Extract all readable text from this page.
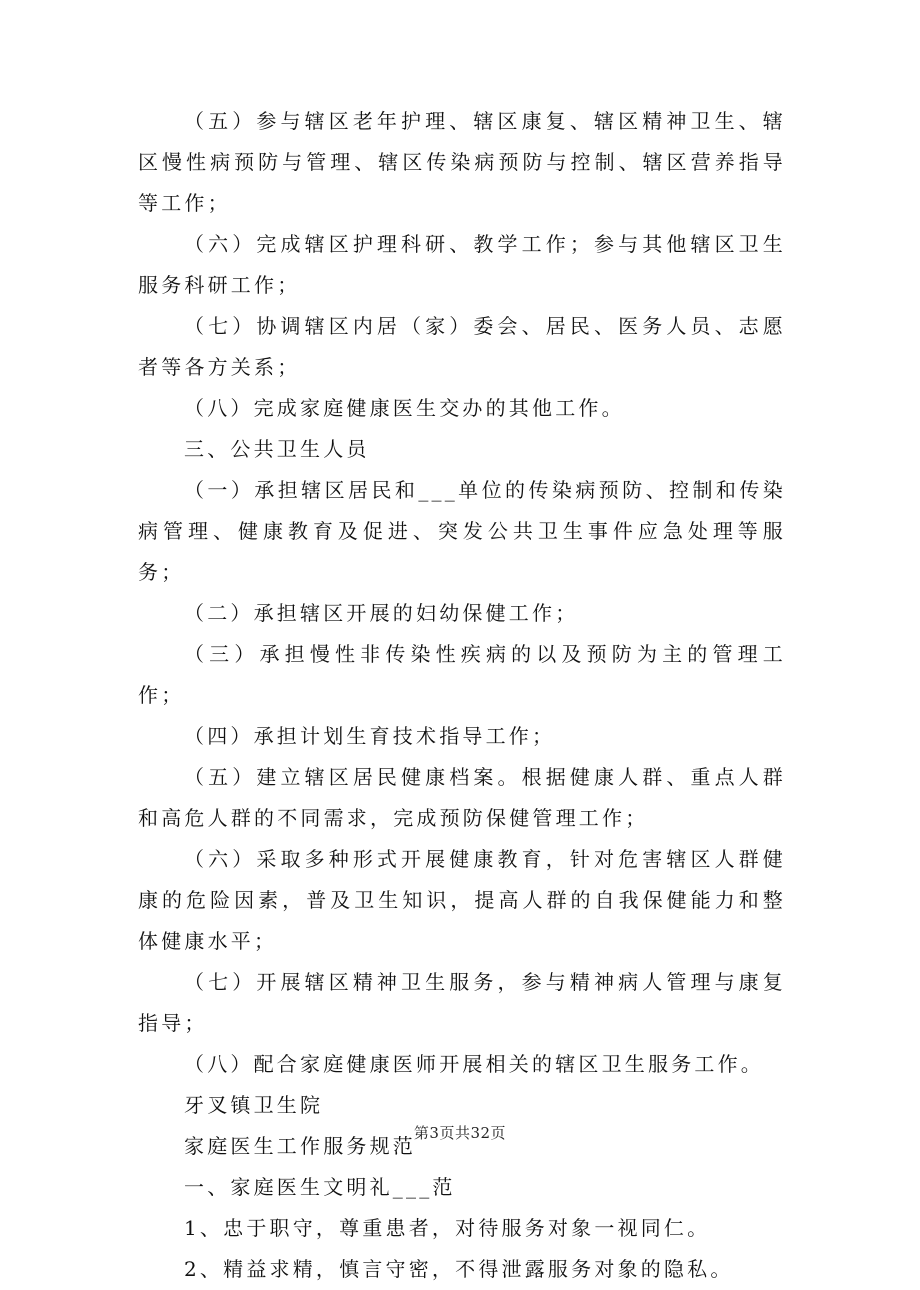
（五）参与辖区老年护理、辖区康复、辖区精神卫生、辖区慢性病预防与管理、辖区传染病预防与控制、辖区营养指导等工作；

（六）完成辖区护理科研、教学工作；参与其他辖区卫生服务科研工作；

（七）协调辖区内居（家）委会、居民、医务人员、志愿者等各方关系；

（八）完成家庭健康医生交办的其他工作。

三、公共卫生人员

（一）承担辖区居民和___单位的传染病预防、控制和传染病管理、健康教育及促进、突发公共卫生事件应急处理等服务；

（二）承担辖区开展的妇幼保健工作；

（三）承担慢性非传染性疾病的以及预防为主的管理工作；

（四）承担计划生育技术指导工作；

（五）建立辖区居民健康档案。根据健康人群、重点人群和高危人群的不同需求，完成预防保健管理工作；

（六）采取多种形式开展健康教育，针对危害辖区人群健康的危险因素，普及卫生知识，提高人群的自我保健能力和整体健康水平；

（七）开展辖区精神卫生服务，参与精神病人管理与康复指导；

（八）配合家庭健康医师开展相关的辖区卫生服务工作。

牙叉镇卫生院

家庭医生工作服务规范

一、家庭医生文明礼___范

1、忠于职守，尊重患者，对待服务对象一视同仁。

2、精益求精，慎言守密，不得泄露服务对象的隐私。

第3页共32页
